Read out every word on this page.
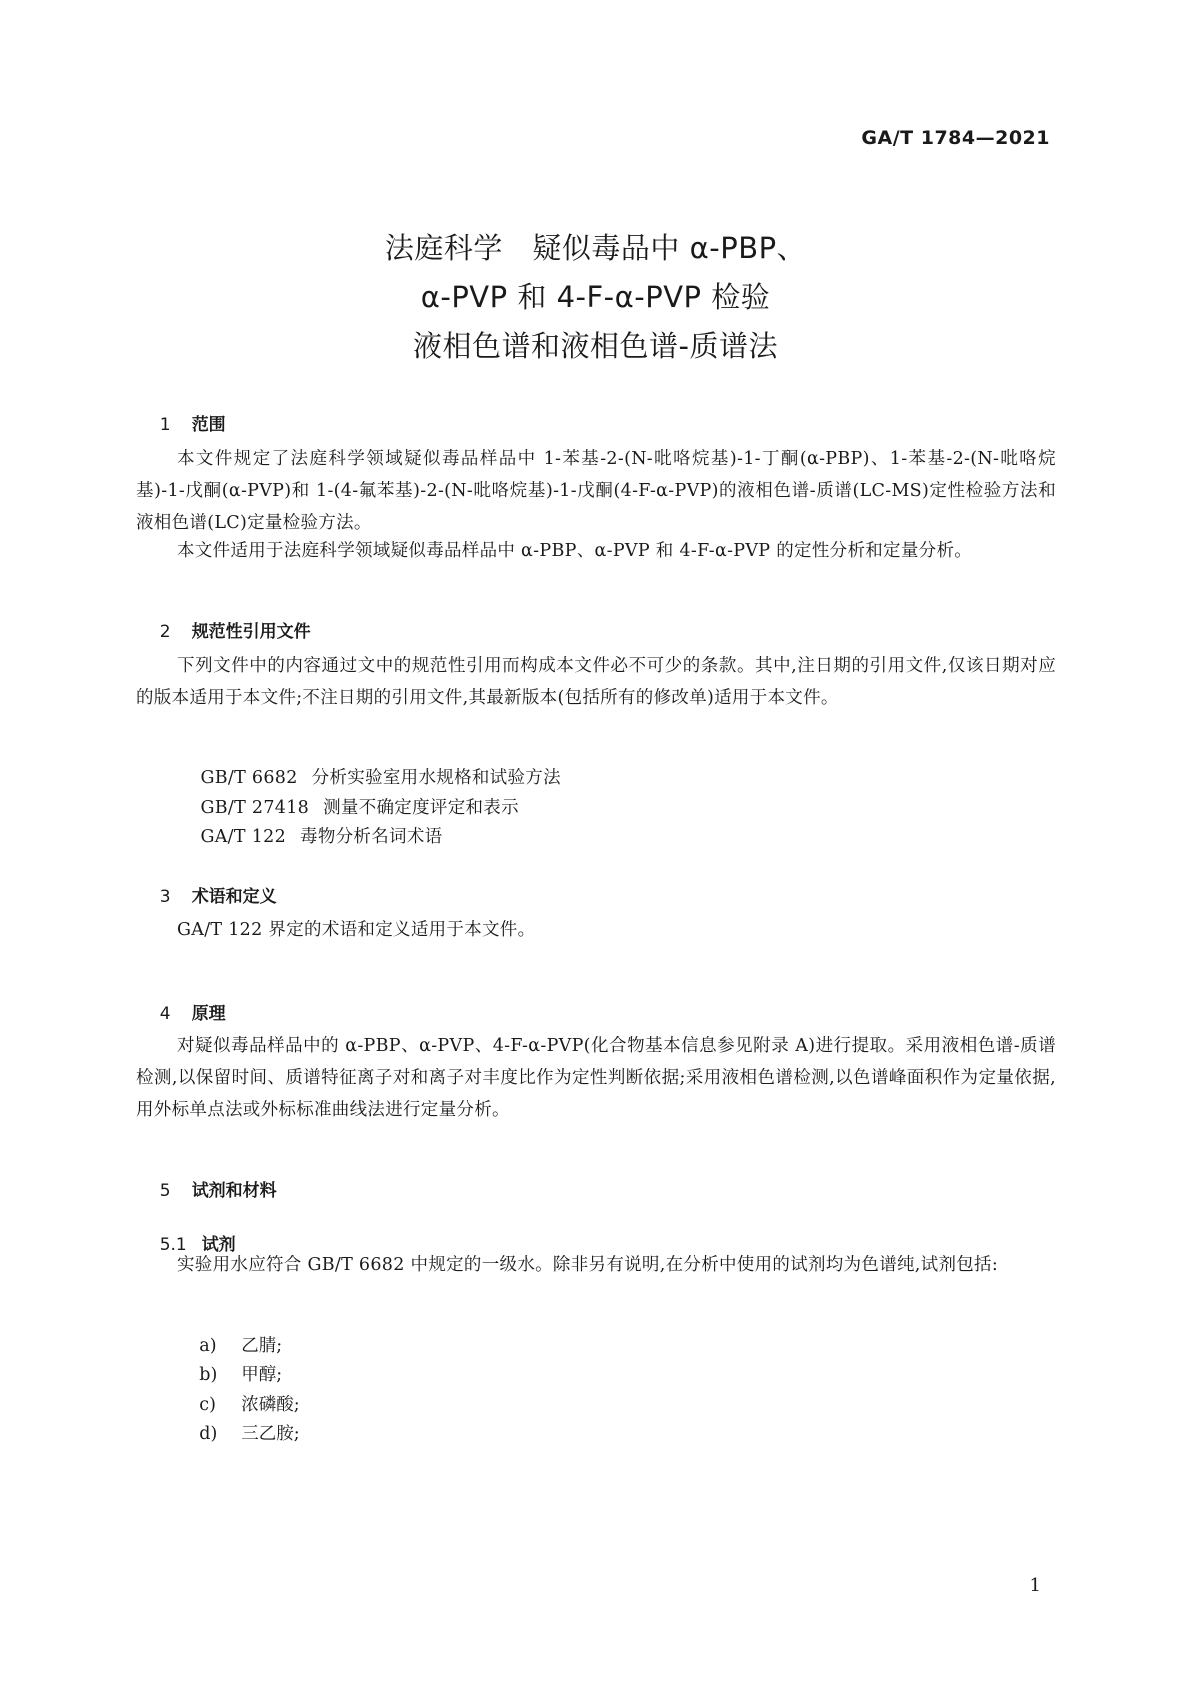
GA/T 1784—2021
法庭科学　疑似毒品中 α-PBP、
α-PVP 和 4-F-α-PVP 检验
液相色谱和液相色谱-质谱法

1 范围

本文件规定了法庭科学领域疑似毒品样品中 1-苯基-2-(N-吡咯烷基)-1-丁酮(α-PBP)、1-苯基-2-(N-吡咯烷基)-1-戊酮(α-PVP)和 1-(4-氟苯基)-2-(N-吡咯烷基)-1-戊酮(4-F-α-PVP)的液相色谱-质谱(LC-MS)定性检验方法和液相色谱(LC)定量检验方法。
本文件适用于法庭科学领域疑似毒品样品中 α-PBP、α-PVP 和 4-F-α-PVP 的定性分析和定量分析。

2 规范性引用文件

下列文件中的内容通过文中的规范性引用而构成本文件必不可少的条款。其中,注日期的引用文件,仅该日期对应的版本适用于本文件;不注日期的引用文件,其最新版本(包括所有的修改单)适用于本文件。

GB/T 6682 分析实验室用水规格和试验方法

GB/T 27418 测量不确定度评定和表示

GA/T 122 毒物分析名词术语

3 术语和定义

GA/T 122 界定的术语和定义适用于本文件。

4 原理

对疑似毒品样品中的 α-PBP、α-PVP、4-F-α-PVP(化合物基本信息参见附录 A)进行提取。采用液相色谱-质谱检测,以保留时间、质谱特征离子对和离子对丰度比作为定性判断依据;采用液相色谱检测,以色谱峰面积作为定量依据,用外标单点法或外标标准曲线法进行定量分析。

5 试剂和材料

5.1 试剂

实验用水应符合 GB/T 6682 中规定的一级水。除非另有说明,在分析中使用的试剂均为色谱纯,试剂包括:

a) 乙腈;

b) 甲醇;

c) 浓磷酸;

d) 三乙胺;

1
